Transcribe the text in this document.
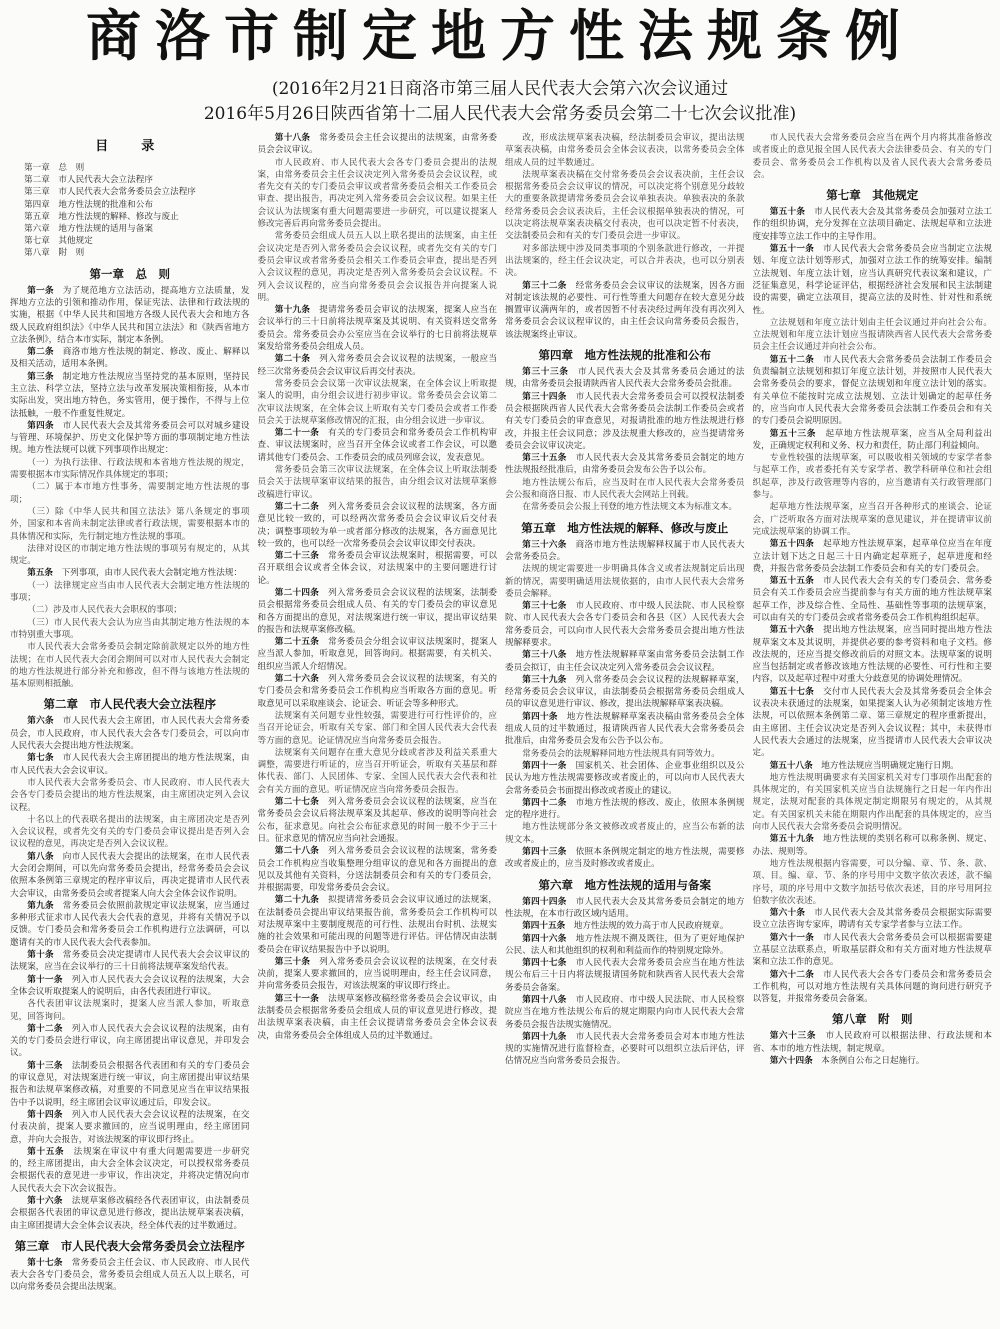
商洛市制定地方性法规条例
(2016年2月21日商洛市第三届人民代表大会第六次会议通过
2016年5月26日陕西省第十二届人民代表大会常务委员会第二十七次会议批准)
目　录
第一章　总　则
第二章　市人民代表大会立法程序
第三章　市人民代表大会常务委员会立法程序
第四章　地方性法规的批准和公布
第五章　地方性法规的解释、修改与废止
第六章　地方性法规的适用与备案
第七章　其他规定
第八章　附　则
第一章　总　则

第一条　为了规范地方立法活动，提高地方立法质量，发挥地方立法的引领和推动作用，保证宪法、法律和行政法规的实施，根据《中华人民共和国地方各级人民代表大会和地方各级人民政府组织法》《中华人民共和国立法法》和《陕西省地方立法条例》，结合本市实际，制定本条例。

第二条　商洛市地方性法规的制定、修改、废止、解释以及相关活动，适用本条例。

第三条　制定地方性法规应当坚持党的基本原则，坚持民主立法、科学立法，坚持立法与改革发展决策相衔接，从本市实际出发，突出地方特色，务实管用，便于操作，不得与上位法抵触，一般不作重复性规定。

第四条　市人民代表大会及其常务委员会可以对城乡建设与管理、环境保护、历史文化保护等方面的事项制定地方性法规。地方性法规可以就下列事项作出规定：

（一）为执行法律、行政法规和本省地方性法规的规定，需要根据本市实际情况作具体规定的事项；

（二）属于本市地方性事务，需要制定地方性法规的事项；

（三）除《中华人民共和国立法法》第八条规定的事项外，国家和本省尚未制定法律或者行政法规，需要根据本市的具体情况和实际，先行制定地方性法规的事项。

法律对设区的市制定地方性法规的事项另有规定的，从其规定。

第五条　下列事项，由市人民代表大会制定地方性法规：

（一）法律规定应当由市人民代表大会制定地方性法规的事项；

（二）涉及市人民代表大会职权的事项；

（三）市人民代表大会认为应当由其制定地方性法规的本市特别重大事项。

市人民代表大会常务委员会制定除前款规定以外的地方性法规；在市人民代表大会闭会期间可以对市人民代表大会制定的地方性法规进行部分补充和修改，但不得与该地方性法规的基本原则相抵触。

第二章　市人民代表大会立法程序

第六条　市人民代表大会主席团，市人民代表大会常务委员会，市人民政府，市人民代表大会各专门委员会，可以向市人民代表大会提出地方性法规案。

第七条　市人民代表大会主席团提出的地方性法规案，由市人民代表大会会议审议。

市人民代表大会常务委员会、市人民政府、市人民代表大会各专门委员会提出的地方性法规案，由主席团决定列入会议议程。

十名以上的代表联名提出的法规案，由主席团决定是否列入会议议程，或者先交有关的专门委员会审议提出是否列入会议议程的意见，再决定是否列入会议议程。

第八条　向市人民代表大会提出的法规案，在市人民代表大会闭会期间，可以先向常务委员会提出，经常务委员会会议依照本条例第三章规定的程序审议后，再决定提请市人民代表大会审议，由常务委员会或者提案人向大会全体会议作说明。

第九条　常务委员会依照前款规定审议法规案，应当通过多种形式征求市人民代表大会代表的意见，并将有关情况予以反馈。专门委员会和常务委员会工作机构进行立法调研，可以邀请有关的市人民代表大会代表参加。

第十条　常务委员会决定提请市人民代表大会会议审议的法规案，应当在会议举行的三十日前将法规草案发给代表。

第十一条　列入市人民代表大会会议议程的法规案，大会全体会议听取提案人的说明后，由各代表团进行审议。

各代表团审议法规案时，提案人应当派人参加，听取意见，回答询问。

第十二条　列入市人民代表大会会议议程的法规案，由有关的专门委员会进行审议，向主席团提出审议意见，并印发会议。

第十三条　法制委员会根据各代表团和有关的专门委员会的审议意见，对法规案进行统一审议，向主席团提出审议结果报告和法规草案修改稿，对重要的不同意见应当在审议结果报告中予以说明，经主席团会议审议通过后，印发会议。

第十四条　列入市人民代表大会会议议程的法规案，在交付表决前，提案人要求撤回的，应当说明理由，经主席团同意，并向大会报告，对该法规案的审议即行终止。

第十五条　法规案在审议中有重大问题需要进一步研究的，经主席团提出，由大会全体会议决定，可以授权常务委员会根据代表的意见进一步审议，作出决定，并将决定情况向市人民代表大会下次会议报告。

第十六条　法规草案修改稿经各代表团审议，由法制委员会根据各代表团的审议意见进行修改，提出法规草案表决稿，由主席团提请大会全体会议表决，经全体代表的过半数通过。

第三章　市人民代表大会常务委员会立法程序

第十七条　常务委员会主任会议、市人民政府、市人民代表大会各专门委员会，常务委员会组成人员五人以上联名，可以向常务委员会提出法规案。

第十八条　常务委员会主任会议提出的法规案，由常务委员会会议审议。

市人民政府、市人民代表大会各专门委员会提出的法规案，由常务委员会主任会议决定列入常务委员会会议议程，或者先交有关的专门委员会审议或者常务委员会相关工作委员会审查、提出报告，再决定列入常务委员会会议议程。如果主任会议认为法规案有重大问题需要进一步研究，可以建议提案人修改完善后再向常务委员会提出。

常务委员会组成人员五人以上联名提出的法规案，由主任会议决定是否列入常务委员会会议议程，或者先交有关的专门委员会审议或者常务委员会相关工作委员会审查，提出是否列入会议议程的意见，再决定是否列入常务委员会会议议程。不列入会议议程的，应当向常务委员会会议报告并向提案人说明。

第十九条　提请常务委员会审议的法规案，提案人应当在会议举行的三十日前将法规草案及其说明、有关资料送交常务委员会。常务委员会办公室应当在会议举行的七日前将法规草案发给常务委员会组成人员。

第二十条　列入常务委员会会议议程的法规案，一般应当经三次常务委员会会议审议后再交付表决。

常务委员会会议第一次审议法规案，在全体会议上听取提案人的说明，由分组会议进行初步审议。常务委员会会议第二次审议法规案，在全体会议上听取有关专门委员会或者工作委员会关于法规草案修改情况的汇报，由分组会议进一步审议。

第二十一条　有关的专门委员会和常务委员会工作机构审查、审议法规案时，应当召开全体会议或者工作会议，可以邀请其他专门委员会、工作委员会的成员列席会议，发表意见。

常务委员会第三次审议法规案，在全体会议上听取法制委员会关于法规草案审议结果的报告，由分组会议对法规草案修改稿进行审议。

第二十二条　列入常务委员会会议议程的法规案，各方面意见比较一致的，可以经两次常务委员会会议审议后交付表决；调整事项较为单一或者部分修改的法规案，各方面意见比较一致的，也可以经一次常务委员会会议审议即交付表决。

第二十三条　常务委员会审议法规案时，根据需要，可以召开联组会议或者全体会议，对法规案中的主要问题进行讨论。

第二十四条　列入常务委员会会议议程的法规案，法制委员会根据常务委员会组成人员、有关的专门委员会的审议意见和各方面提出的意见，对法规案进行统一审议，提出审议结果的报告和法规草案修改稿。

第二十五条　常务委员会分组会议审议法规案时，提案人应当派人参加，听取意见，回答询问。根据需要，有关机关、组织应当派人介绍情况。

第二十六条　列入常务委员会会议议程的法规案，有关的专门委员会和常务委员会工作机构应当听取各方面的意见。听取意见可以采取座谈会、论证会、听证会等多种形式。

法规案有关问题专业性较强，需要进行可行性评价的，应当召开论证会，听取有关专家、部门和全国人民代表大会代表等方面的意见。论证情况应当向常务委员会报告。

法规案有关问题存在重大意见分歧或者涉及利益关系重大调整，需要进行听证的，应当召开听证会，听取有关基层和群体代表、部门、人民团体、专家、全国人民代表大会代表和社会有关方面的意见。听证情况应当向常务委员会报告。

第二十七条　列入常务委员会会议议程的法规案，应当在常务委员会会议后将法规草案及其起草、修改的说明等向社会公布，征求意见。向社会公布征求意见的时间一般不少于三十日。征求意见的情况应当向社会通报。

第二十八条　列入常务委员会会议议程的法规案，常务委员会工作机构应当收集整理分组审议的意见和各方面提出的意见以及其他有关资料，分送法制委员会和有关的专门委员会，并根据需要，印发常务委员会会议。

第二十九条　拟提请常务委员会会议审议通过的法规案，在法制委员会提出审议结果报告前，常务委员会工作机构可以对法规草案中主要制度规范的可行性、法规出台时机、法规实施的社会效果和可能出现的问题等进行评估。评估情况由法制委员会在审议结果报告中予以说明。

第三十条　列入常务委员会会议议程的法规案，在交付表决前，提案人要求撤回的，应当说明理由，经主任会议同意，并向常务委员会报告，对该法规案的审议即行终止。

第三十一条　法规草案修改稿经常务委员会会议审议，由法制委员会根据常务委员会组成人员的审议意见进行修改，提出法规草案表决稿，由主任会议提请常务委员会全体会议表决，由常务委员会全体组成人员的过半数通过。

改，形成法规草案表决稿，经法制委员会审议，提出法规草案表决稿，由常务委员会全体会议表决，以常务委员会全体组成人员的过半数通过。

法规草案表决稿在交付常务委员会会议表决前，主任会议根据常务委员会会议审议的情况，可以决定将个别意见分歧较大的重要条款提请常务委员会会议单独表决。单独表决的条款经常务委员会会议表决后，主任会议根据单独表决的情况，可以决定将法规草案表决稿交付表决，也可以决定暂不付表决，交法制委员会和有关的专门委员会进一步审议。

对多部法规中涉及同类事项的个别条款进行修改，一并提出法规案的，经主任会议决定，可以合并表决，也可以分别表决。

第三十二条　经常务委员会会议审议的法规案，因各方面对制定该法规的必要性、可行性等重大问题存在较大意见分歧搁置审议满两年的，或者因暂不付表决经过两年没有再次列入常务委员会会议议程审议的，由主任会议向常务委员会报告，该法规案终止审议。

第四章　地方性法规的批准和公布

第三十三条　市人民代表大会及其常务委员会通过的法规，由常务委员会报请陕西省人民代表大会常务委员会批准。

第三十四条　市人民代表大会常务委员会可以授权法制委员会根据陕西省人民代表大会常务委员会法制工作委员会或者有关专门委员会的审查意见，对报请批准的地方性法规进行修改，并报主任会议同意；涉及法规重大修改的，应当提请常务委员会会议审议决定。

第三十五条　市人民代表大会及其常务委员会制定的地方性法规报经批准后，由常务委员会发布公告予以公布。

地方性法规公布后，应当及时在市人民代表大会常务委员会公报和商洛日报、市人民代表大会网站上刊载。

在常务委员会公报上刊登的地方性法规文本为标准文本。

第五章　地方性法规的解释、修改与废止

第三十六条　商洛市地方性法规解释权属于市人民代表大会常务委员会。

法规的规定需要进一步明确具体含义或者法规制定后出现新的情况，需要明确适用法规依据的，由市人民代表大会常务委员会解释。

第三十七条　市人民政府、市中级人民法院、市人民检察院、市人民代表大会各专门委员会和各县（区）人民代表大会常务委员会，可以向市人民代表大会常务委员会提出地方性法规解释要求。

第三十八条　地方性法规解释草案由常务委员会法制工作委员会拟订，由主任会议决定列入常务委员会会议议程。

第三十九条　列入常务委员会会议议程的法规解释草案，经常务委员会会议审议，由法制委员会根据常务委员会组成人员的审议意见进行审议、修改，提出法规解释草案表决稿。

第四十条　地方性法规解释草案表决稿由常务委员会全体组成人员的过半数通过，报请陕西省人民代表大会常务委员会批准后，由常务委员会发布公告予以公布。

常务委员会的法规解释同地方性法规具有同等效力。

第四十一条　国家机关、社会团体、企业事业组织以及公民认为地方性法规需要修改或者废止的，可以向市人民代表大会常务委员会书面提出修改或者废止的建议。

第四十二条　市地方性法规的修改、废止，依照本条例规定的程序进行。

地方性法规部分条文被修改或者废止的，应当公布新的法规文本。

第四十三条　依照本条例规定制定的地方性法规，需要修改或者废止的，应当及时修改或者废止。

第六章　地方性法规的适用与备案

第四十四条　市人民代表大会及其常务委员会制定的地方性法规，在本市行政区域内适用。

第四十五条　地方性法规的效力高于市人民政府规章。

第四十六条　地方性法规不溯及既往，但为了更好地保护公民、法人和其他组织的权利和利益而作的特别规定除外。

第四十七条　市人民代表大会常务委员会应当在地方性法规公布后三十日内将法规报请国务院和陕西省人民代表大会常务委员会备案。

第四十八条　市人民政府、市中级人民法院、市人民检察院应当在地方性法规公布后的规定期限内向市人民代表大会常务委员会报告法规实施情况。

第四十九条　市人民代表大会常务委员会对本市地方性法规的实施情况进行监督检查，必要时可以组织立法后评估，评估情况应当向常务委员会报告。

市人民代表大会常务委员会应当在两个月内将其准备修改或者废止的意见报全国人民代表大会法律委员会、有关的专门委员会、常务委员会工作机构以及省人民代表大会常务委员会。

第七章　其他规定

第五十条　市人民代表大会及其常务委员会加强对立法工作的组织协调，充分发挥在立法项目确定、法规起草和立法进度安排等立法工作中的主导作用。

第五十一条　市人民代表大会常务委员会应当制定立法规划、年度立法计划等形式，加强对立法工作的统筹安排。编制立法规划、年度立法计划，应当认真研究代表议案和建议，广泛征集意见，科学论证评估，根据经济社会发展和民主法制建设的需要，确定立法项目，提高立法的及时性、针对性和系统性。

立法规划和年度立法计划由主任会议通过并向社会公布。立法规划和年度立法计划应当报请陕西省人民代表大会常务委员会主任会议通过并向社会公布。

第五十二条　市人民代表大会常务委员会法制工作委员会负责编制立法规划和拟订年度立法计划，并按照市人民代表大会常务委员会的要求，督促立法规划和年度立法计划的落实。有关单位不能按时完成立法规划、立法计划确定的起草任务的，应当向市人民代表大会常务委员会法制工作委员会和有关的专门委员会说明原因。

第五十三条　起草地方性法规草案，应当从全局利益出发，正确规定权利和义务、权力和责任，防止部门利益倾向。

专业性较强的法规草案，可以吸收相关领域的专家学者参与起草工作，或者委托有关专家学者、教学科研单位和社会组织起草，涉及行政管理等内容的，应当邀请有关行政管理部门参与。

起草地方性法规草案，应当召开各种形式的座谈会、论证会，广泛听取各方面对法规草案的意见建议，并在提请审议前完成法规草案的协调工作。

第五十四条　起草地方性法规草案，起草单位应当在年度立法计划下达之日起三十日内确定起草班子，起草进度和经费，并报告常务委员会法制工作委员会和有关的专门委员会。

第五十五条　市人民代表大会有关的专门委员会、常务委员会有关工作委员会应当提前参与有关方面的地方性法规草案起草工作，涉及综合性、全局性、基础性等事项的法规草案，可以由有关的专门委员会或者常务委员会工作机构组织起草。

第五十六条　提出地方性法规案，应当同时提出地方性法规草案文本及其说明，并提供必要的参考资料和电子文档。修改法规的，还应当提交修改前后的对照文本。法规草案的说明应当包括制定或者修改该地方性法规的必要性、可行性和主要内容，以及起草过程中对重大分歧意见的协调处理情况。

第五十七条　交付市人民代表大会及其常务委员会全体会议表决未获通过的法规案，如果提案人认为必须制定该地方性法规，可以依照本条例第二章、第三章规定的程序重新提出，由主席团、主任会议决定是否列入会议议程；其中，未获得市人民代表大会通过的法规案，应当提请市人民代表大会审议决定。

第五十八条　地方性法规应当明确规定施行日期。

地方性法规明确要求有关国家机关对专门事项作出配套的具体规定的，有关国家机关应当自法规施行之日起一年内作出规定，法规对配套的具体规定制定期限另有规定的，从其规定。有关国家机关未能在期限内作出配套的具体规定的，应当向市人民代表大会常务委员会说明情况。

第五十九条　地方性法规的类别名称可以称条例、规定、办法、规则等。

地方性法规根据内容需要，可以分编、章、节、条、款、项、目。编、章、节、条的序号用中文数字依次表述，款不编序号，项的序号用中文数字加括号依次表述，目的序号用阿拉伯数字依次表述。

第六十条　市人民代表大会及其常务委员会根据实际需要设立立法咨询专家库，聘请有关专家学者参与立法工作。

第六十一条　市人民代表大会常务委员会可以根据需要建立基层立法联系点，听取基层群众和有关方面对地方性法规草案和立法工作的意见。

第六十二条　市人民代表大会各专门委员会和常务委员会工作机构，可以对地方性法规有关具体问题的询问进行研究予以答复，并报常务委员会备案。

第八章　附　则

第六十三条　市人民政府可以根据法律、行政法规和本省、本市的地方性法规，制定规章。

第六十四条　本条例自公布之日起施行。
